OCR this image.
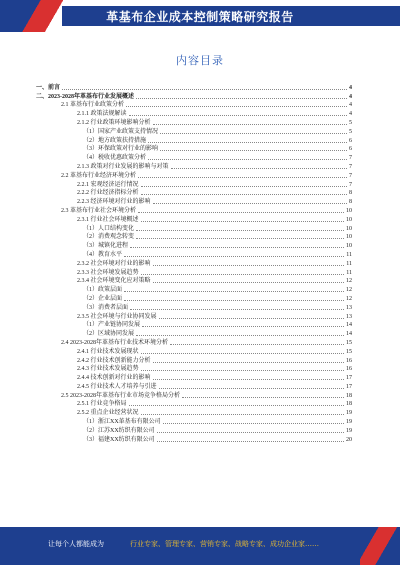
革基布企业成本控制策略研究报告
内容目录
一、前言	4
二、2023-2028年革基布行业发展概述	4
2.1 革基布行业政策分析	4
2.1.1 政策法规解读	4
2.1.2 行业政策环境影响分析	5
（1）国家产业政策支持情况	5
（2）地方政策扶持措施	6
（3）环保政策对行业的影响	6
（4）税收优惠政策分析	7
2.1.3 政策对行业发展的影响与对策	7
2.2 革基布行业经济环境分析	7
2.2.1 宏观经济运行情况	7
2.2.2 行业经济指标分析	8
2.2.3 经济环境对行业的影响	8
2.3 革基布行业社会环境分析	10
2.3.1 行业社会环境概述	10
（1）人口结构变化	10
（2）消费观念转变	10
（3）城镇化进程	10
（4）教育水平	11
2.3.2 社会环境对行业的影响	11
2.3.3 社会环境发展趋势	11
2.3.4 社会环境变化应对策略	12
（1）政策层面	12
（2）企业层面	12
（3）消费者层面	13
2.3.5 社会环境与行业协同发展	13
（1）产业链协同发展	14
（2）区域协同发展	14
2.4 2023-2028年革基布行业技术环境分析	15
2.4.1 行业技术发展现状	15
2.4.2 行业技术创新能力分析	16
2.4.3 行业技术发展趋势	16
2.4.4 技术创新对行业的影响	17
2.4.5 行业技术人才培养与引进	17
2.5 2023-2028年革基布行业市场竞争格局分析	18
2.5.1 行业竞争格局	18
2.5.2 重点企业经营状况	19
（1）浙江XX革基布有限公司	19
（2）江苏XX纺织有限公司	19
（3）福建XX纺织有限公司	20
让每个人都能成为	行业专家、管理专家、营销专家、战略专家、成功企业家……
